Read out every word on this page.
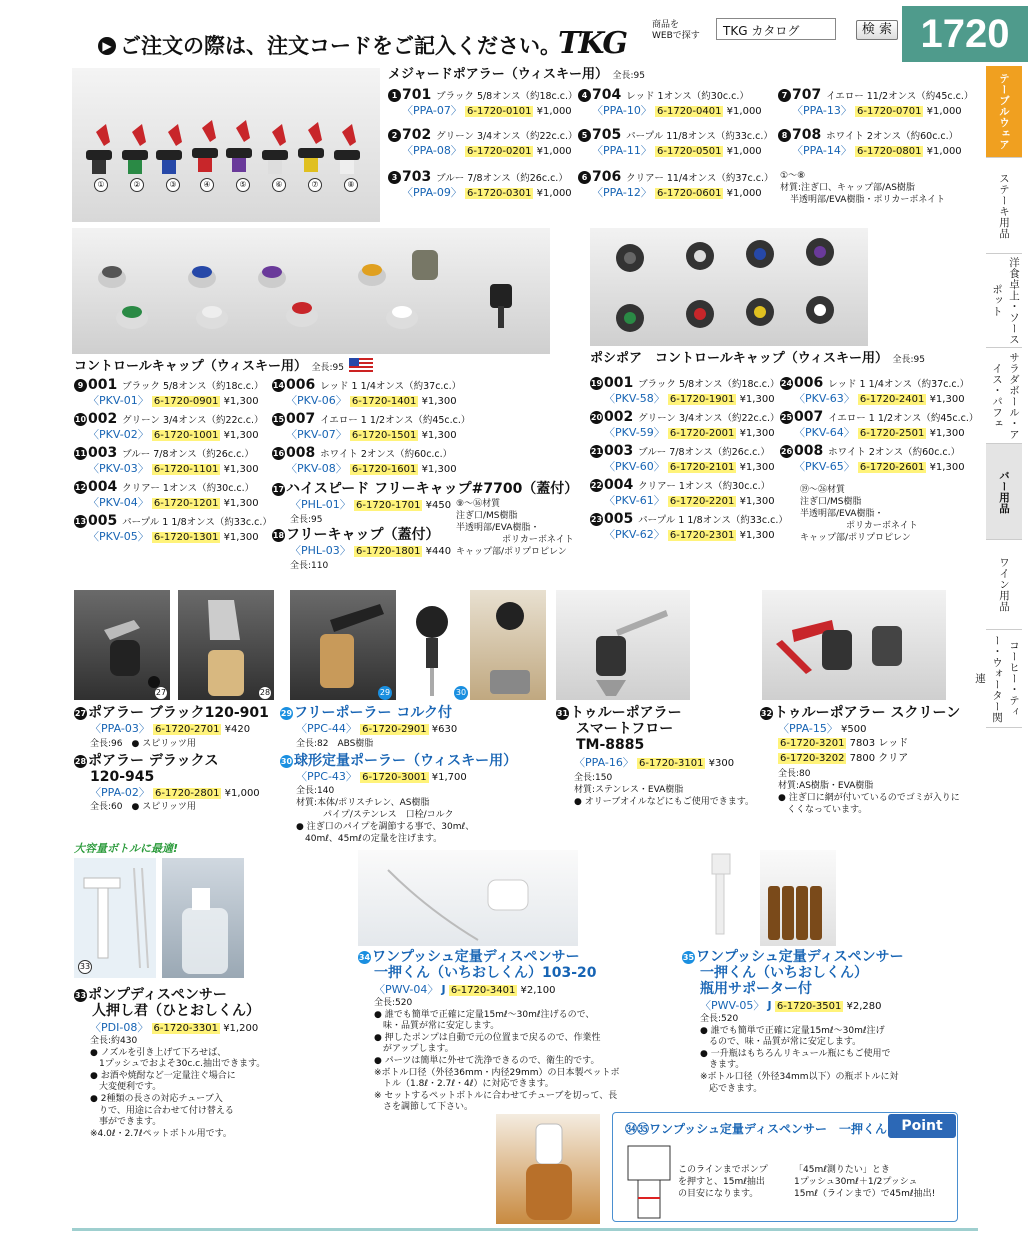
▶ ご注文の際は、注文コードをご記入ください。
TKG
商品を
WEBで探す	TKG カタログ	検 索 1720
テーブルウェア
ステーキ用品
洋食卓上・ソースポット
サラダボール・アイス・パフェ
バー用品
ワイン用品
コーヒー・ティー・ウォーター関連
①	②	③	④	⑤	⑥	⑦	⑧
メジャードポアラー（ウィスキー用） 全長:95
1 701 ブラック 5/8オンス（約18c.c.）
〈PPA-07〉 6-1720-0101 ¥1,000
4 704 レッド 1オンス（約30c.c.）
〈PPA-10〉 6-1720-0401 ¥1,000
7 707 イエロー 11/2オンス（約45c.c.）
〈PPA-13〉 6-1720-0701 ¥1,000
2 702 グリーン 3/4オンス（約22c.c.）
〈PPA-08〉 6-1720-0201 ¥1,000
5 705 パープル 11/8オンス（約33c.c.）
〈PPA-11〉 6-1720-0501 ¥1,000
8 708 ホワイト 2オンス（約60c.c.）
〈PPA-14〉 6-1720-0801 ¥1,000
3 703 ブルー 7/8オンス（約26c.c.）
〈PPA-09〉 6-1720-0301 ¥1,000
6 706 クリアー 11/4オンス（約37c.c.）
〈PPA-12〉 6-1720-0601 ¥1,000
①～⑧
材質:注ぎ口、キャップ部/AS樹脂
半透明部/EVA樹脂・ポリカーボネイト
コントロールキャップ（ウィスキー用） 全長:95
9 001 ブラック 5/8オンス（約18c.c.）
〈PKV-01〉 6-1720-0901 ¥1,300
10 002 グリーン 3/4オンス（約22c.c.）
〈PKV-02〉 6-1720-1001 ¥1,300
11 003 ブルー 7/8オンス（約26c.c.）
〈PKV-03〉 6-1720-1101 ¥1,300
12 004 クリアー 1オンス（約30c.c.）
〈PKV-04〉 6-1720-1201 ¥1,300
13 005 パープル 1 1/8オンス（約33c.c.）
〈PKV-05〉 6-1720-1301 ¥1,300
14 006 レッド 1 1/4オンス（約37c.c.）
〈PKV-06〉 6-1720-1401 ¥1,300
15 007 イエロー 1 1/2オンス（約45c.c.）
〈PKV-07〉 6-1720-1501 ¥1,300
16 008 ホワイト 2オンス（約60c.c.）
〈PKV-08〉 6-1720-1601 ¥1,300
17 ハイスピード フリーキャップ#7700（蓋付）
〈PHL-01〉 6-1720-1701 ¥450
全長:95
18 フリーキャップ（蓋付）
〈PHL-03〉 6-1720-1801 ¥440
全長:110
⑨～⑯材質
注ぎ口/MS樹脂
半透明部/EVA樹脂・
ポリカーボネイト
キャップ部/ポリプロピレン
ポシポア　コントロールキャップ（ウィスキー用） 全長:95
19 001 ブラック 5/8オンス（約18c.c.）
〈PKV-58〉 6-1720-1901 ¥1,300
20 002 グリーン 3/4オンス（約22c.c.）
〈PKV-59〉 6-1720-2001 ¥1,300
21 003 ブルー 7/8オンス（約26c.c.）
〈PKV-60〉 6-1720-2101 ¥1,300
22 004 クリアー 1オンス（約30c.c.）
〈PKV-61〉 6-1720-2201 ¥1,300
23 005 パープル 1 1/8オンス（約33c.c.）
〈PKV-62〉 6-1720-2301 ¥1,300
24 006 レッド 1 1/4オンス（約37c.c.）
〈PKV-63〉 6-1720-2401 ¥1,300
25 007 イエロー 1 1/2オンス（約45c.c.）
〈PKV-64〉 6-1720-2501 ¥1,300
26 008 ホワイト 2オンス（約60c.c.）
〈PKV-65〉 6-1720-2601 ¥1,300
⑲～㉖材質
注ぎ口/MS樹脂
半透明部/EVA樹脂・
ポリカーボネイト
キャップ部/ポリプロピレン
27	28	29	30
27 ポアラー ブラック120-901
〈PPA-03〉 6-1720-2701 ¥420
全長:96　● スピリッツ用
28 ポアラー デラックス
120-945
〈PPA-02〉 6-1720-2801 ¥1,000
全長:60　● スピリッツ用
29 フリーポーラー コルク付
〈PPC-44〉 6-1720-2901 ¥630
全長:82　ABS樹脂
30 球形定量ポーラー（ウィスキー用）
〈PPC-43〉 6-1720-3001 ¥1,700
全長:140
材質:本体/ポリスチレン、AS樹脂
　　　パイプ/ステンレス　口栓/コルク
● 注ぎ口のパイプを調節する事で、30mℓ、
　40mℓ、45mℓの定量を注げます。
31 トゥルーポアラー
スマートフロー
TM-8885
〈PPA-16〉 6-1720-3101 ¥300
全長:150
材質:ステンレス・EVA樹脂
● オリーブオイルなどにもご使用できます。
32 トゥルーポアラー スクリーン
〈PPA-15〉 ¥500
6-1720-3201 7803 レッド
6-1720-3202 7800 クリア
全長:80
材質:AS樹脂・EVA樹脂
● 注ぎ口に網が付いているのでゴミが入りに
　くくなっています。
大容量ボトルに最適!
33
33 ポンプディスペンサー
人押し君（ひとおしくん）
〈PDI-08〉 6-1720-3301 ¥1,200
全長:約430
● ノズルを引き上げて下ろせば、
　1プッシュでおよそ30c.c.抽出できます。
● お酒や焼酎など一定量注ぐ場合に
　大変便利です。
● 2種類の長さの対応チューブ入
　りで、用途に合わせて付け替える
　事ができます。
※4.0ℓ・2.7ℓペットボトル用です。
34 ワンプッシュ定量ディスペンサー
一押くん（いちおしくん）103-20
〈PWV-04〉 J 6-1720-3401 ¥2,100
全長:520
● 誰でも簡単で正確に定量15mℓ～30mℓ注げるので、
　味・品質が常に安定します。
● 押したポンプは自動で元の位置まで戻るので、作業性
　がアップします。
● パーツは簡単に外せて洗浄できるので、衛生的です。
※ボトル口径（外径36mm・内径29mm）の日本製ペットボ
　トル（1.8ℓ・2.7ℓ・4ℓ）に対応できます。
※ セットするペットボトルに合わせてチューブを切って、長
　さを調節して下さい。
35 ワンプッシュ定量ディスペンサー
一押くん（いちおしくん）
瓶用サポーター付
〈PWV-05〉 J 6-1720-3501 ¥2,280
全長:520
● 誰でも簡単で正確に定量15mℓ～30mℓ注げ
　るので、味・品質が常に安定します。
● 一升瓶はもちろんリキュール瓶にもご使用で
　きます。
※ボトル口径（外径34mm以下）の瓶ボトルに対
　応できます。
㉞㉟ワンプッシュ定量ディスペンサー　一押くん	Point
このラインまでポンプ
を押すと、15mℓ抽出
の目安になります。
「45mℓ測りたい」とき
1プッシュ30mℓ＋1/2プッシュ
15mℓ（ラインまで）で45mℓ抽出!
